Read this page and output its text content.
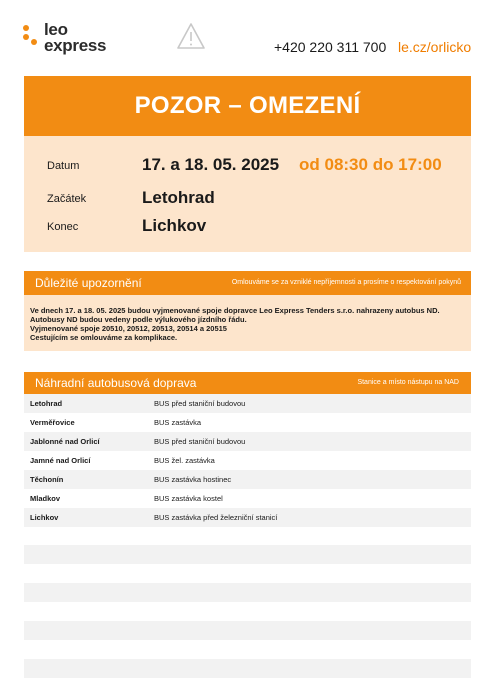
leo
express	+420 220 311 700 le.cz/orlicko
POZOR – OMEZENÍ
Datum	17. a 18. 05. 2025 od 08:30 do 17:00
Začátek	Letohrad
Konec	Lichkov
Důležité upozornění	Omlouváme se za vzniklé nepříjemnosti a prosíme o respektování pokynů
Ve dnech 17. a 18. 05. 2025 budou vyjmenované spoje dopravce Leo Express Tenders s.r.o. nahrazeny autobus ND.
Autobusy ND budou vedeny podle výlukového jízdního řádu.
Vyjmenované spoje 20510, 20512, 20513, 20514 a 20515
Cestujícím se omlouváme za komplikace.
Náhradní autobusová doprava	Stanice a místo nástupu na NAD
Letohrad	BUS před staniční budovou
Verměřovice	BUS zastávka
Jablonné nad Orlicí	BUS před staniční budovou
Jamné nad Orlicí	BUS žel. zastávka
Těchonín	BUS zastávka hostinec
Mladkov	BUS zastávka kostel
Lichkov	BUS zastávka před železniční stanicí
